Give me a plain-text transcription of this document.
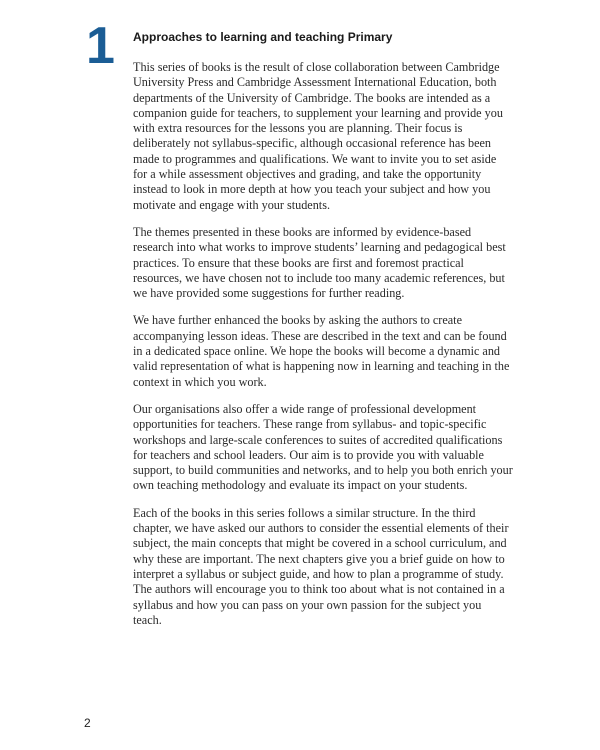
1 Approaches to learning and teaching Primary

This series of books is the result of close collaboration between Cambridge University Press and Cambridge Assessment International Education, both departments of the University of Cambridge. The books are intended as a companion guide for teachers, to supplement your learning and provide you with extra resources for the lessons you are planning. Their focus is deliberately not syllabus-specific, although occasional reference has been made to programmes and qualifications. We want to invite you to set aside for a while assessment objectives and grading, and take the opportunity instead to look in more depth at how you teach your subject and how you motivate and engage with your students.

The themes presented in these books are informed by evidence-based research into what works to improve students’ learning and pedagogical best practices. To ensure that these books are first and foremost practical resources, we have chosen not to include too many academic references, but we have provided some suggestions for further reading.

We have further enhanced the books by asking the authors to create accompanying lesson ideas. These are described in the text and can be found in a dedicated space online. We hope the books will become a dynamic and valid representation of what is happening now in learning and teaching in the context in which you work.

Our organisations also offer a wide range of professional development opportunities for teachers. These range from syllabus- and topic-specific workshops and large-scale conferences to suites of accredited qualifications for teachers and school leaders. Our aim is to provide you with valuable support, to build communities and networks, and to help you both enrich your own teaching methodology and evaluate its impact on your students.

Each of the books in this series follows a similar structure. In the third chapter, we have asked our authors to consider the essential elements of their subject, the main concepts that might be covered in a school curriculum, and why these are important. The next chapters give you a brief guide on how to interpret a syllabus or subject guide, and how to plan a programme of study. The authors will encourage you to think too about what is not contained in a syllabus and how you can pass on your own passion for the subject you teach.

2
